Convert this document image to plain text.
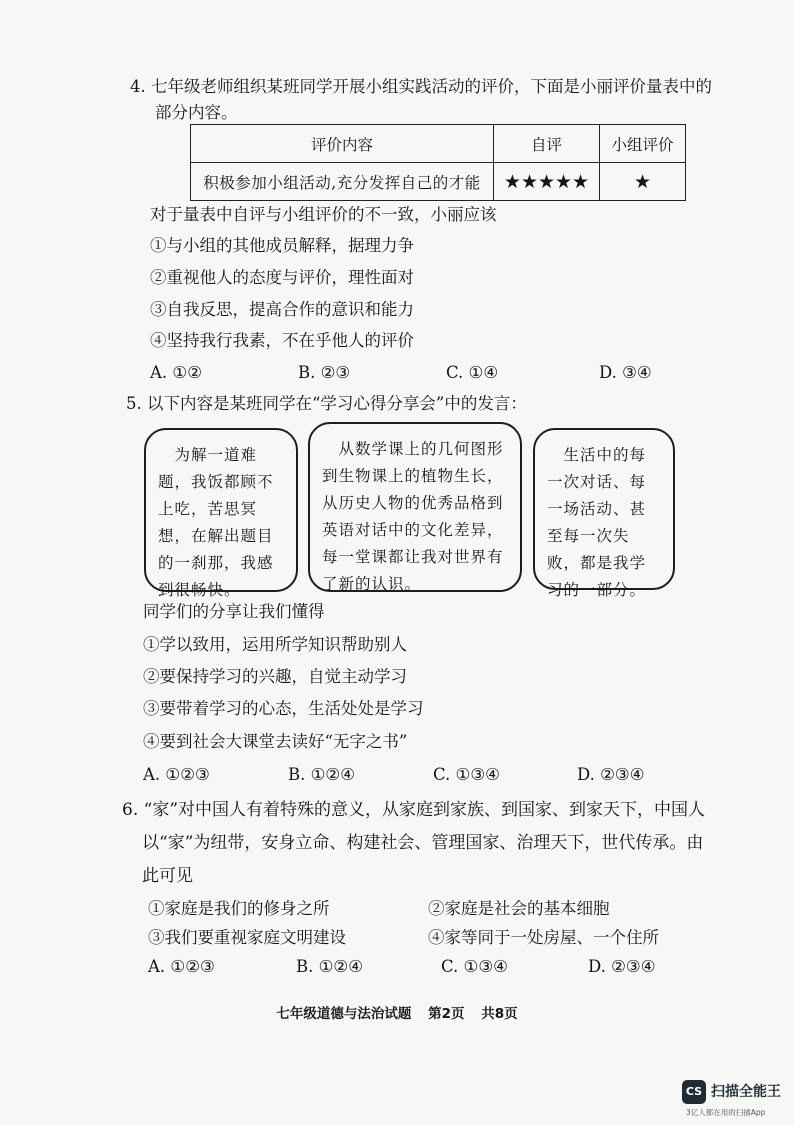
4. 七年级老师组织某班同学开展小组实践活动的评价，下面是小丽评价量表中的
部分内容。
评价内容	自评	小组评价
积极参加小组活动,充分发挥自己的才能	★★★★★	★
对于量表中自评与小组评价的不一致，小丽应该
①与小组的其他成员解释，据理力争
②重视他人的态度与评价，理性面对
③自我反思，提高合作的意识和能力
④坚持我行我素，不在乎他人的评价
A. ①②	B. ②③	C. ①④	D. ③④
5. 以下内容是某班同学在“学习心得分享会”中的发言：
　为解一道难题，我饭都顾不上吃，苦思冥想，在解出题目的一刹那，我感到很畅快。
　从数学课上的几何图形到生物课上的植物生长，从历史人物的优秀品格到英语对话中的文化差异，每一堂课都让我对世界有了新的认识。
　生活中的每一次对话、每一场活动、甚至每一次失败，都是我学习的一部分。
同学们的分享让我们懂得
①学以致用，运用所学知识帮助别人
②要保持学习的兴趣，自觉主动学习
③要带着学习的心态，生活处处是学习
④要到社会大课堂去读好“无字之书”
A. ①②③	B. ①②④	C. ①③④	D. ②③④
6. “家”对中国人有着特殊的意义，从家庭到家族、到国家、到家天下，中国人
以“家”为纽带，安身立命、构建社会、管理国家、治理天下，世代传承。由
此可见
①家庭是我们的修身之所	②家庭是社会的基本细胞
③我们要重视家庭文明建设	④家等同于一处房屋、一个住所
A. ①②③	B. ①②④	C. ①③④	D. ②③④
七年级道德与法治试题 第2页 共8页
CS 扫描全能王
3亿人都在用的扫描App
